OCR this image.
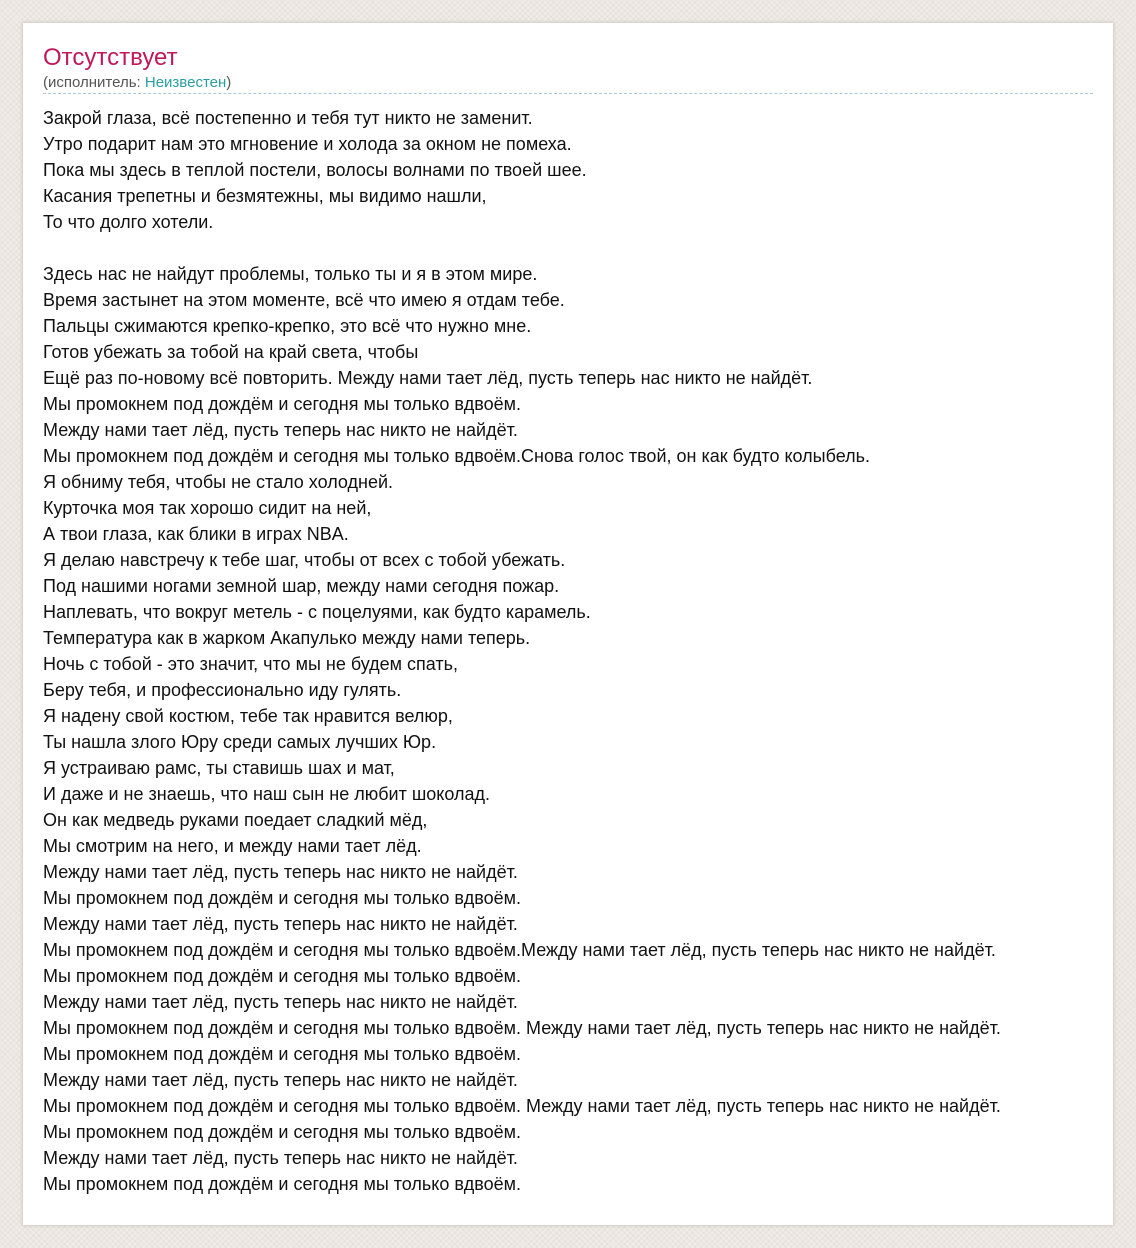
Отсутствует
(исполнитель: Неизвестен)
Закрой глаза, всё постепенно и тебя тут никто не заменит.
Утро подарит нам это мгновение и холода за окном не помеха.
Пока мы здесь в теплой постели, волосы волнами по твоей шее.
Касания трепетны и безмятежны, мы видимо нашли,
То что долго хотели.
Здесь нас не найдут проблемы, только ты и я в этом мире.
Время застынет на этом моменте, всё что имею я отдам тебе.
Пальцы сжимаются крепко-крепко, это всё что нужно мне.
Готов убежать за тобой на край света, чтобы
Ещё раз по-новому всё повторить. Между нами тает лёд, пусть теперь нас никто не найдёт.
Мы промокнем под дождём и сегодня мы только вдвоём.
Между нами тает лёд, пусть теперь нас никто не найдёт.
Мы промокнем под дождём и сегодня мы только вдвоём.Снова голос твой, он как будто колыбель.
Я обниму тебя, чтобы не стало холодней.
Курточка моя так хорошо сидит на ней,
А твои глаза, как блики в играх NBA.
Я делаю навстречу к тебе шаг, чтобы от всех с тобой убежать.
Под нашими ногами земной шар, между нами сегодня пожар.
Наплевать, что вокруг метель - с поцелуями, как будто карамель.
Температура как в жарком Акапулько между нами теперь.
Ночь с тобой - это значит, что мы не будем спать,
Беру тебя, и профессионально иду гулять.
Я надену свой костюм, тебе так нравится велюр,
Ты нашла злого Юру среди самых лучших Юр.
Я устраиваю рамс, ты ставишь шах и мат,
И даже и не знаешь, что наш сын не любит шоколад.
Он как медведь руками поедает сладкий мёд,
Мы смотрим на него, и между нами тает лёд.
Между нами тает лёд, пусть теперь нас никто не найдёт.
Мы промокнем под дождём и сегодня мы только вдвоём.
Между нами тает лёд, пусть теперь нас никто не найдёт.
Мы промокнем под дождём и сегодня мы только вдвоём.Между нами тает лёд, пусть теперь нас никто не найдёт.
Мы промокнем под дождём и сегодня мы только вдвоём.
Между нами тает лёд, пусть теперь нас никто не найдёт.
Мы промокнем под дождём и сегодня мы только вдвоём. Между нами тает лёд, пусть теперь нас никто не найдёт.
Мы промокнем под дождём и сегодня мы только вдвоём.
Между нами тает лёд, пусть теперь нас никто не найдёт.
Мы промокнем под дождём и сегодня мы только вдвоём. Между нами тает лёд, пусть теперь нас никто не найдёт.
Мы промокнем под дождём и сегодня мы только вдвоём.
Между нами тает лёд, пусть теперь нас никто не найдёт.
Мы промокнем под дождём и сегодня мы только вдвоём.
